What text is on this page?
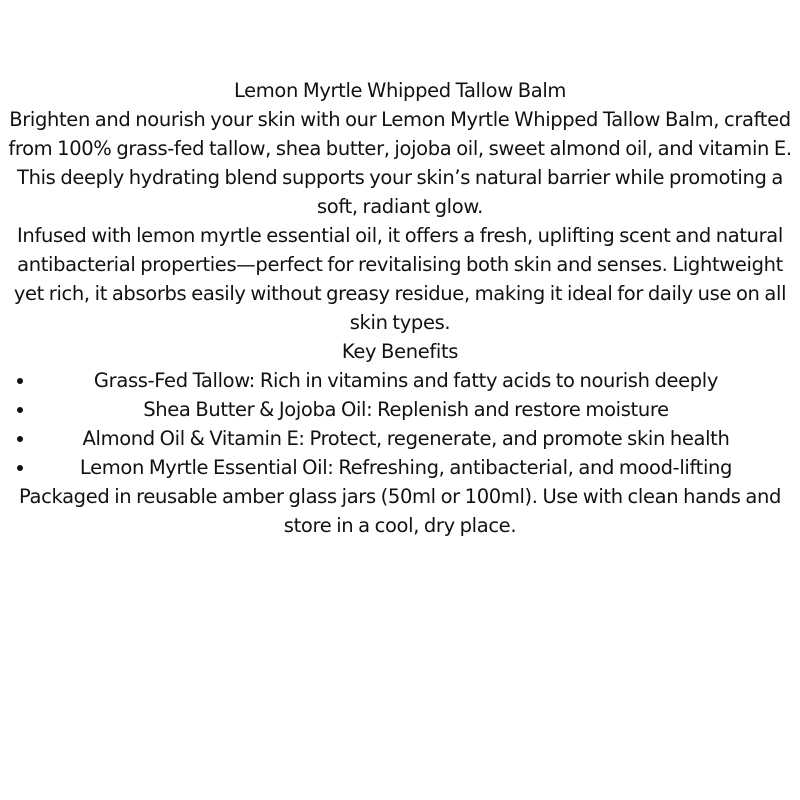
Lemon Myrtle Whipped Tallow Balm

Brighten and nourish your skin with our Lemon Myrtle Whipped Tallow Balm, crafted from 100% grass-fed tallow, shea butter, jojoba oil, sweet almond oil, and vitamin E. This deeply hydrating blend supports your skin’s natural barrier while promoting a soft, radiant glow.

Infused with lemon myrtle essential oil, it offers a fresh, uplifting scent and natural antibacterial properties—perfect for revitalising both skin and senses. Lightweight yet rich, it absorbs easily without greasy residue, making it ideal for daily use on all skin types.

Key Benefits

Grass-Fed Tallow: Rich in vitamins and fatty acids to nourish deeply
Shea Butter & Jojoba Oil: Replenish and restore moisture
Almond Oil & Vitamin E: Protect, regenerate, and promote skin health
Lemon Myrtle Essential Oil: Refreshing, antibacterial, and mood-lifting

Packaged in reusable amber glass jars (50ml or 100ml). Use with clean hands and store in a cool, dry place.
